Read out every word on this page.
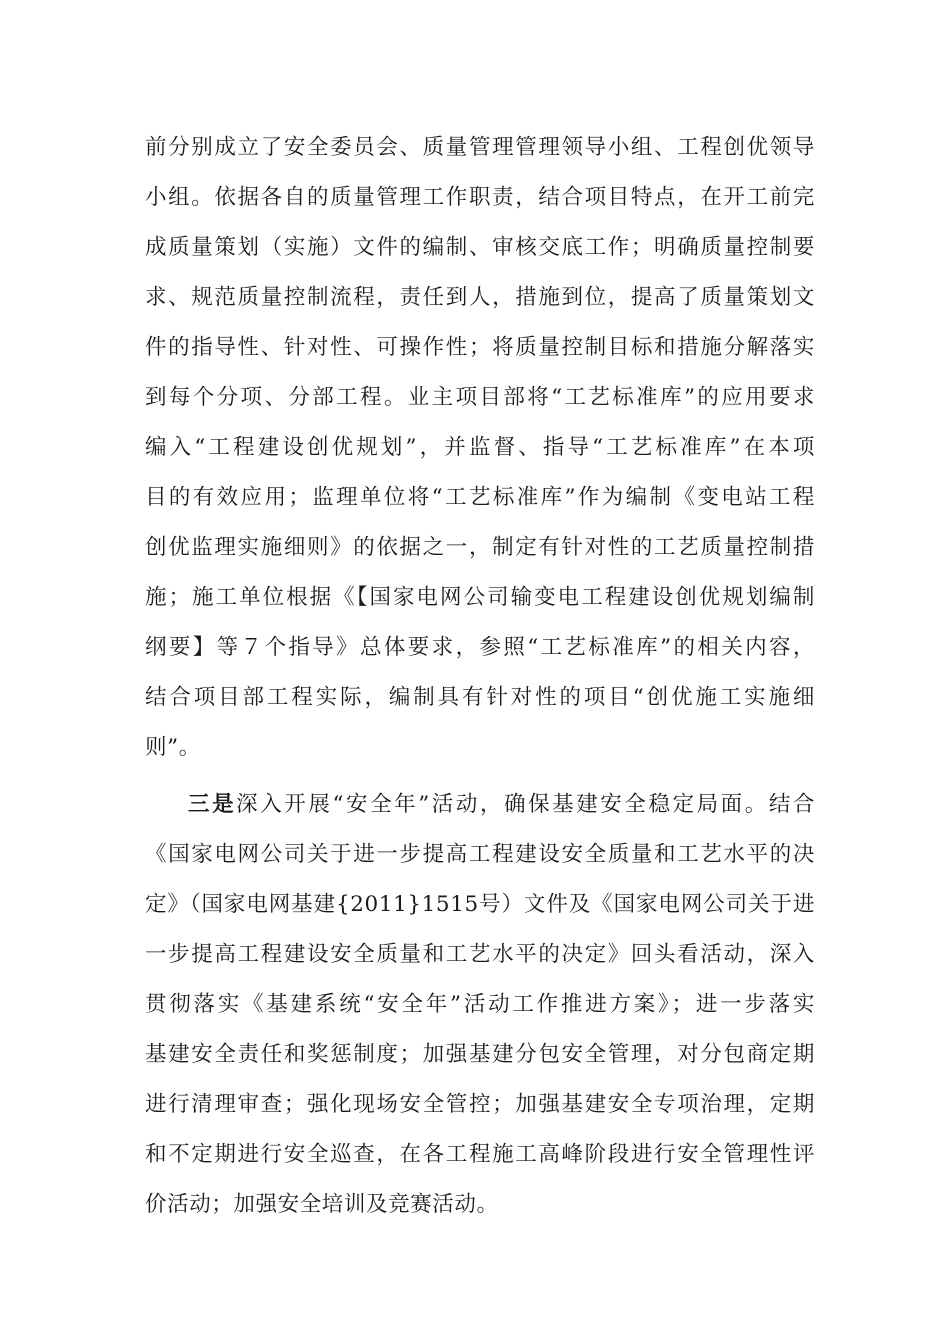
前分别成立了安全委员会、质量管理管理领导小组、工程创优领导
小组。依据各自的质量管理工作职责，结合项目特点，在开工前完
成质量策划（实施）文件的编制、审核交底工作；明确质量控制要
求、规范质量控制流程，责任到人，措施到位，提高了质量策划文
件的指导性、针对性、可操作性；将质量控制目标和措施分解落实
到每个分项、分部工程。业主项目部将“工艺标准库”的应用要求
编入“工程建设创优规划”，并监督、指导“工艺标准库”在本项
目的有效应用；监理单位将“工艺标准库”作为编制《变电站工程
创优监理实施细则》的依据之一，制定有针对性的工艺质量控制措
施；施工单位根据《【国家电网公司输变电工程建设创优规划编制
纲要】等７个指导》总体要求，参照“工艺标准库”的相关内容，
结合项目部工程实际，编制具有针对性的项目“创优施工实施细
则”。
三是深入开展“安全年”活动，确保基建安全稳定局面。结合
《国家电网公司关于进一步提高工程建设安全质量和工艺水平的决
定》（国家电网基建{2011}1515号）文件及《国家电网公司关于进
一步提高工程建设安全质量和工艺水平的决定》回头看活动，深入
贯彻落实《基建系统“安全年”活动工作推进方案》；进一步落实
基建安全责任和奖惩制度；加强基建分包安全管理，对分包商定期
进行清理审查；强化现场安全管控；加强基建安全专项治理，定期
和不定期进行安全巡查，在各工程施工高峰阶段进行安全管理性评
价活动；加强安全培训及竞赛活动。
